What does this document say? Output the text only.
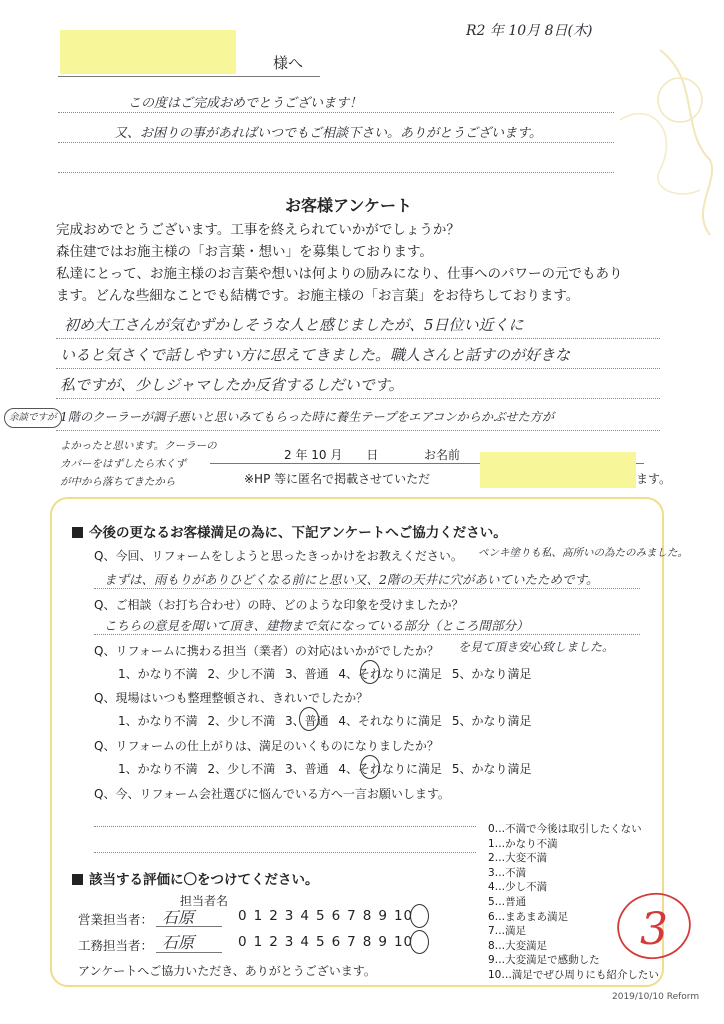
R2 年 10月 8日(木)
様へ
この度はご完成おめでとうございます！
又、お困りの事があればいつでもご相談下さい。ありがとうございます。
お客様アンケート
完成おめでとうございます。工事を終えられていかがでしょうか？
森住建ではお施主様の「お言葉・想い」を募集しております。
私達にとって、お施主様のお言葉や想いは何よりの励みになり、仕事へのパワーの元でもあり
ます。どんな些細なことでも結構です。お施主様の「お言葉」をお待ちしております。
初め大工さんが気むずかしそうな人と感じましたが、5日位い近くに
いると気さくで話しやすい方に思えてきました。職人さんと話すのが好きな
私ですが、少しジャマしたか反省するしだいです。
1階のクーラーが調子悪いと思いみてもらった時に養生テープをエアコンからかぶせた方が
余談ですが
よかったと思います。クーラーの
カバーをはずしたら木くず
が中から落ちてきたから
2 年 10 月　　日	お名前
※HP 等に匿名で掲載させていただ	ます。
今後の更なるお客様満足の為に、下記アンケートへご協力ください。
Q、今回、リフォームをしようと思ったきっかけをお教えください。 ペンキ塗りも私、高所いの為たのみました。
まずは、雨もりがありひどくなる前にと思い又、2階の天井に穴があいていたためです。
Q、ご相談（お打ち合わせ）の時、どのような印象を受けましたか？
こちらの意見を聞いて頂き、建物まで気になっている部分（ところ間部分）
を見て頂き安心致しました。
Q、リフォームに携わる担当（業者）の対応はいかがでしたか？
1、かなり不満 2、少し不満 3、普通 4、それなりに満足 5、かなり満足
Q、現場はいつも整理整頓され、きれいでしたか？
1、かなり不満 2、少し不満 3、普通 4、それなりに満足 5、かなり満足
Q、リフォームの仕上がりは、満足のいくものになりましたか？
1、かなり不満 2、少し不満 3、普通 4、それなりに満足 5、かなり満足
Q、今、リフォーム会社選びに悩んでいる方へ一言お願いします。
該当する評価に〇をつけてください。
担当者名
営業担当者： 石原	0 1 2 3 4 5 6 7 8 9 10
工務担当者： 石原	0 1 2 3 4 5 6 7 8 9 10
アンケートへご協力いただき、ありがとうございます。
0…不満で今後は取引したくない
1…かなり不満
2…大変不満
3…不満
4…少し不満
5…普通
6…まあまあ満足
7…満足
8…大変満足
9…大変満足で感動した
10…満足でぜひ周りにも紹介したい
3
2019/10/10 Reform
